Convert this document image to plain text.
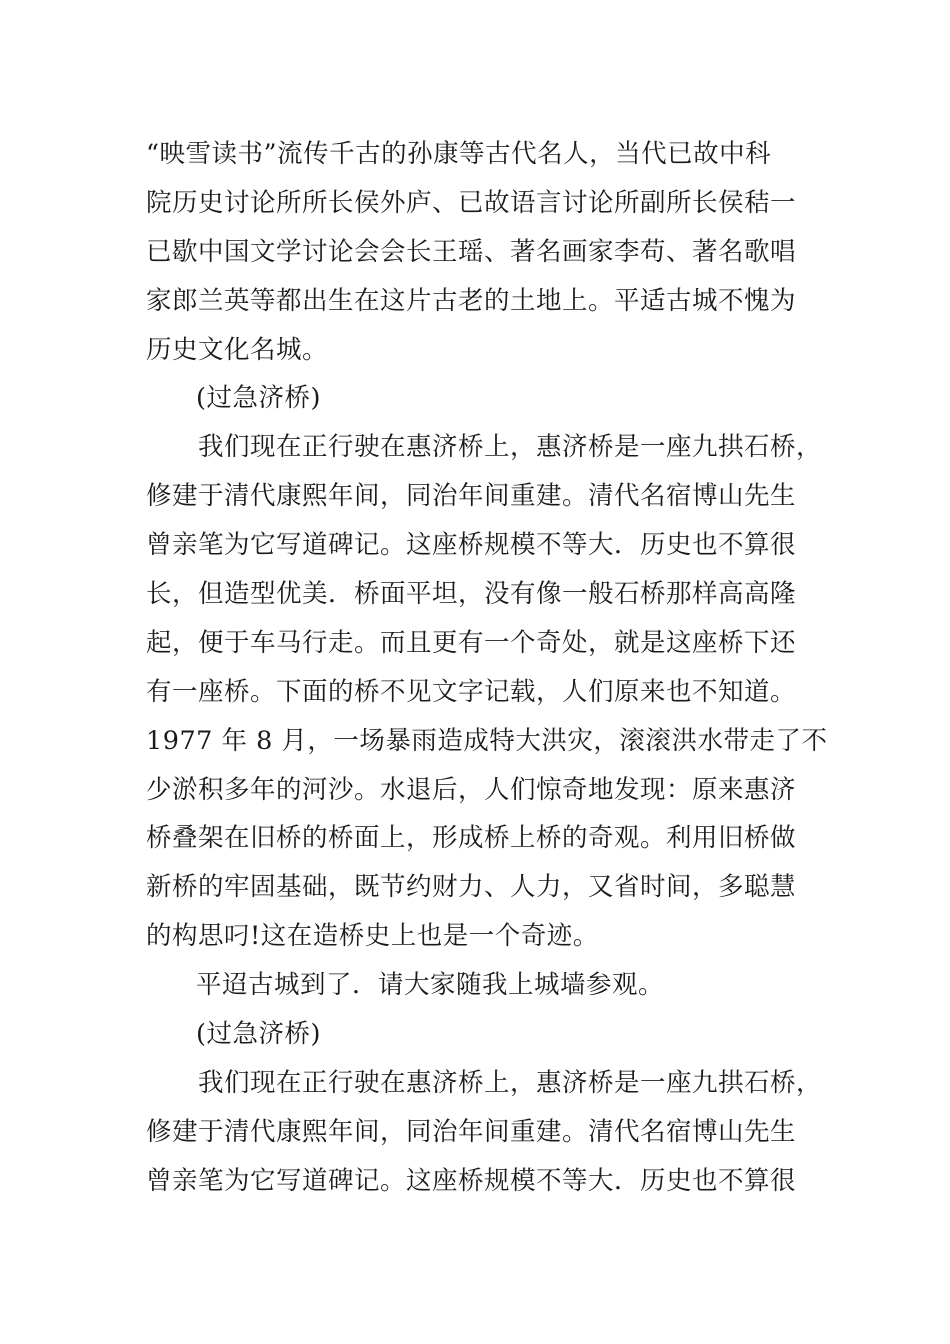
“映雪读书”流传千古的孙康等古代名人，当代已故中科
院历史讨论所所长侯外庐、已故语言讨论所副所长侯秸一
已歇中国文学讨论会会长王瑶、著名画家李苟、著名歌唱
家郎兰英等都出生在这片古老的土地上。平适古城不愧为
历史文化名城。
(过急济桥)
我们现在正行驶在惠济桥上，惠济桥是一座九拱石桥，
修建于清代康熙年间，同治年间重建。清代名宿博山先生
曾亲笔为它写道碑记。这座桥规模不等大．历史也不算很
长，但造型优美．桥面平坦，没有像一般石桥那样高高隆
起，便于车马行走。而且更有一个奇处，就是这座桥下还
有一座桥。下面的桥不见文字记载，人们原来也不知道。
1977 年 8 月，一场暴雨造成特大洪灾，滚滚洪水带走了不
少淤积多年的河沙。水退后，人们惊奇地发现：原来惠济
桥叠架在旧桥的桥面上，形成桥上桥的奇观。利用旧桥做
新桥的牢固基础，既节约财力、人力，又省时间，多聪慧
的构思叼!这在造桥史上也是一个奇迹。
平迢古城到了．请大家随我上城墙参观。
(过急济桥)
我们现在正行驶在惠济桥上，惠济桥是一座九拱石桥，
修建于清代康熙年间，同治年间重建。清代名宿博山先生
曾亲笔为它写道碑记。这座桥规模不等大．历史也不算很
